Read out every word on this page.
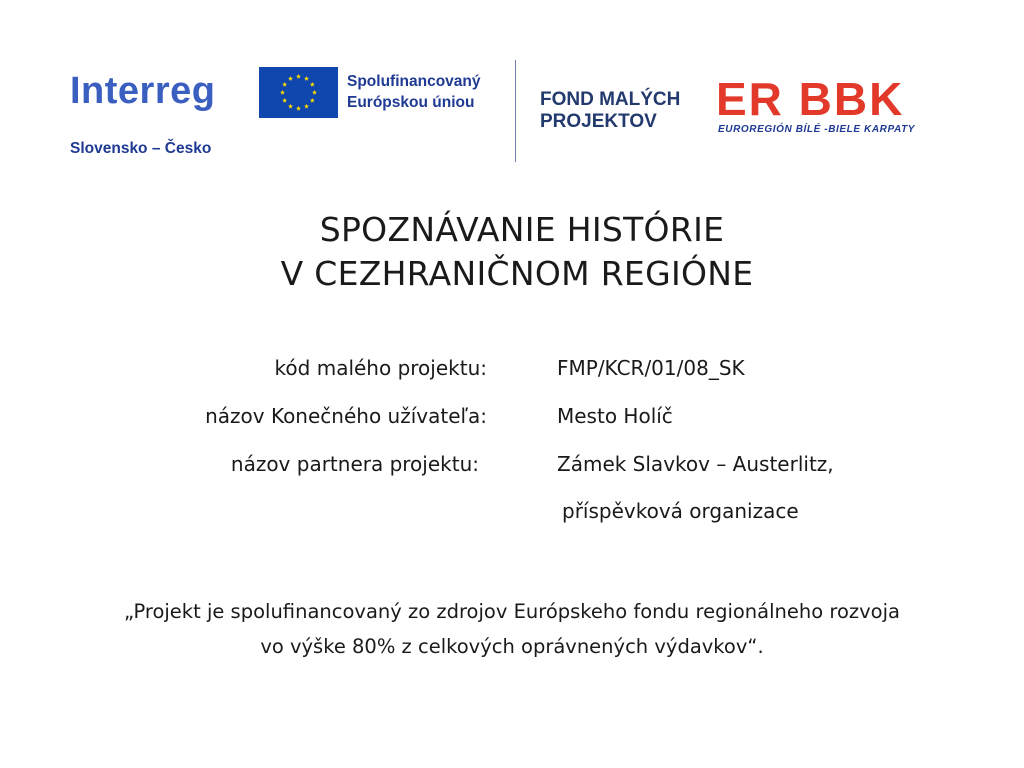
Interreg
Slovensko – Česko
Spolufinancovaný
Európskou úniou	FOND MALÝCH
PROJEKTOV	ER BBK
EUROREGIÓN BÍLÉ -BIELE KARPATY
SPOZNÁVANIE HISTÓRIE
V CEZHRANIČNOM REGIÓNE
kód malého projektu:	FMP/KCR/01/08_SK
názov Konečného užívateľa:	Mesto Holíč
názov partnera projektu:	Zámek Slavkov – Austerlitz,
příspěvková organizace
„Projekt je spolufinancovaný zo zdrojov Európskeho fondu regionálneho rozvoja
vo výške 80% z celkových oprávnených výdavkov“.
